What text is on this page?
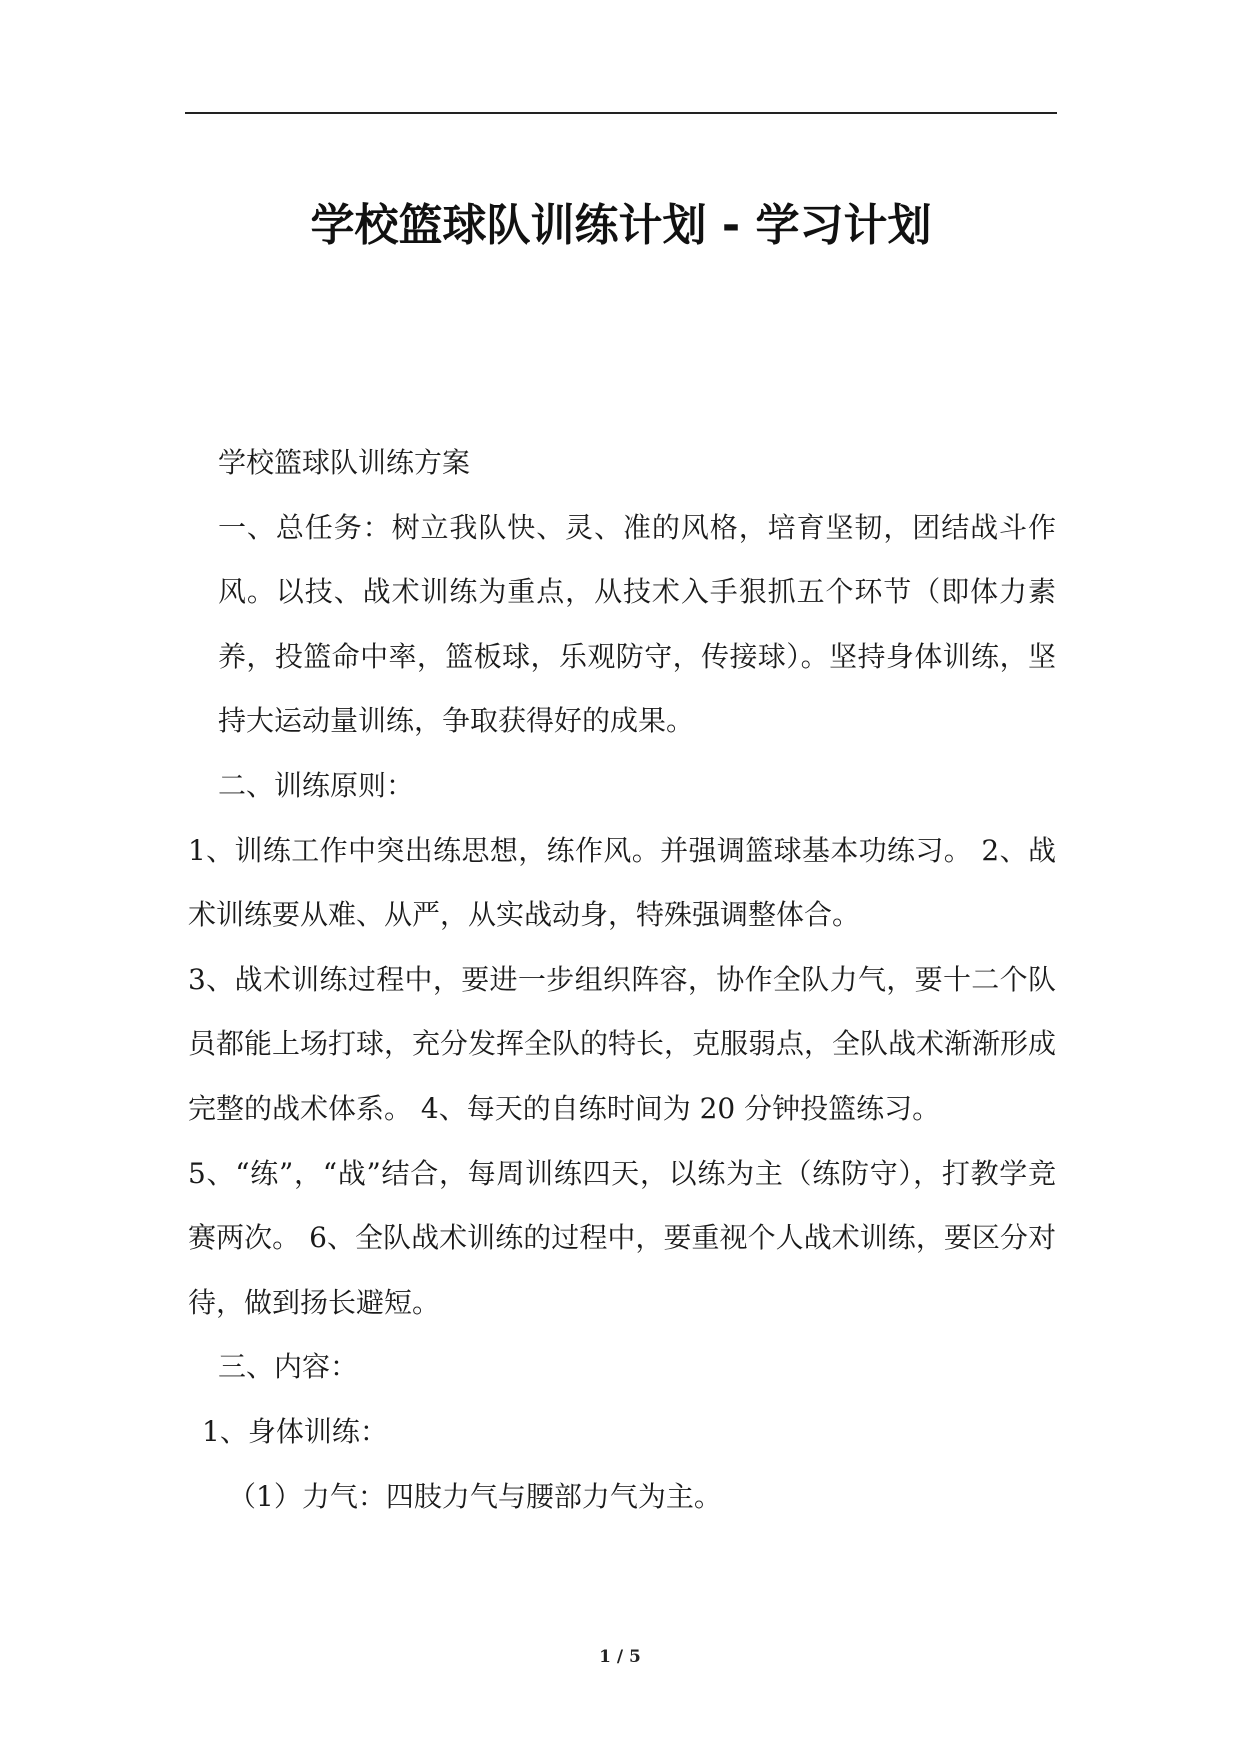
学校篮球队训练计划 - 学习计划

学校篮球队训练方案

一、总任务：树立我队快、灵、准的风格，培育坚韧，团结战斗作风。以技、战术训练为重点，从技术入手狠抓五个环节（即体力素养，投篮命中率，篮板球，乐观防守，传接球）。坚持身体训练，坚持大运动量训练，争取获得好的成果。

二、训练原则：

1、训练工作中突出练思想，练作风。并强调篮球基本功练习。 2、战术训练要从难、从严，从实战动身，特殊强调整体合。

3、战术训练过程中，要进一步组织阵容，协作全队力气，要十二个队员都能上场打球，充分发挥全队的特长，克服弱点，全队战术渐渐形成完整的战术体系。 4、每天的自练时间为 20 分钟投篮练习。

5、“练”，“战”结合，每周训练四天，以练为主（练防守），打教学竞赛两次。 6、全队战术训练的过程中，要重视个人战术训练，要区分对待，做到扬长避短。

三、内容：

1、身体训练：

（1）力气：四肢力气与腰部力气为主。

1 / 5
